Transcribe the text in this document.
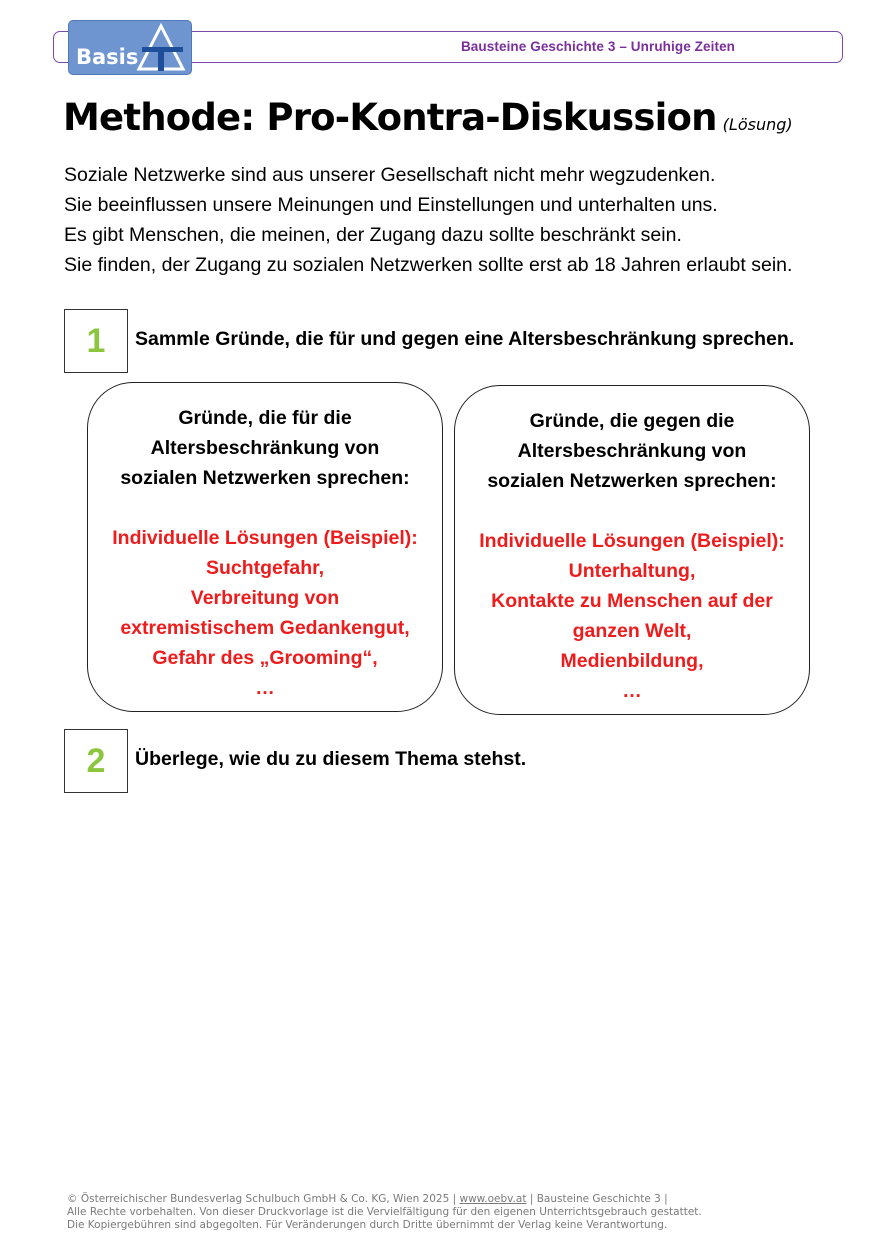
Bausteine Geschichte 3 – Unruhige Zeiten
Basis
Methode: Pro-Kontra-Diskussion (Lösung)
Soziale Netzwerke sind aus unserer Gesellschaft nicht mehr wegzudenken.
Sie beeinflussen unsere Meinungen und Einstellungen und unterhalten uns.
Es gibt Menschen, die meinen, der Zugang dazu sollte beschränkt sein.
Sie finden, der Zugang zu sozialen Netzwerken sollte erst ab 18 Jahren erlaubt sein.
1	Sammle Gründe, die für und gegen eine Altersbeschränkung sprechen.
Gründe, die für die
Altersbeschränkung von
sozialen Netzwerken sprechen:
Individuelle Lösungen (Beispiel):
Suchtgefahr,
Verbreitung von
extremistischem Gedankengut,
Gefahr des „Grooming“,
…
Gründe, die gegen die
Altersbeschränkung von
sozialen Netzwerken sprechen:
Individuelle Lösungen (Beispiel):
Unterhaltung,
Kontakte zu Menschen auf der
ganzen Welt,
Medienbildung,
…
2	Überlege, wie du zu diesem Thema stehst.
© Österreichischer Bundesverlag Schulbuch GmbH & Co. KG, Wien 2025 | www.oebv.at | Bausteine Geschichte 3 |
Alle Rechte vorbehalten. Von dieser Druckvorlage ist die Vervielfältigung für den eigenen Unterrichtsgebrauch gestattet.
Die Kopiergebühren sind abgegolten. Für Veränderungen durch Dritte übernimmt der Verlag keine Verantwortung.
